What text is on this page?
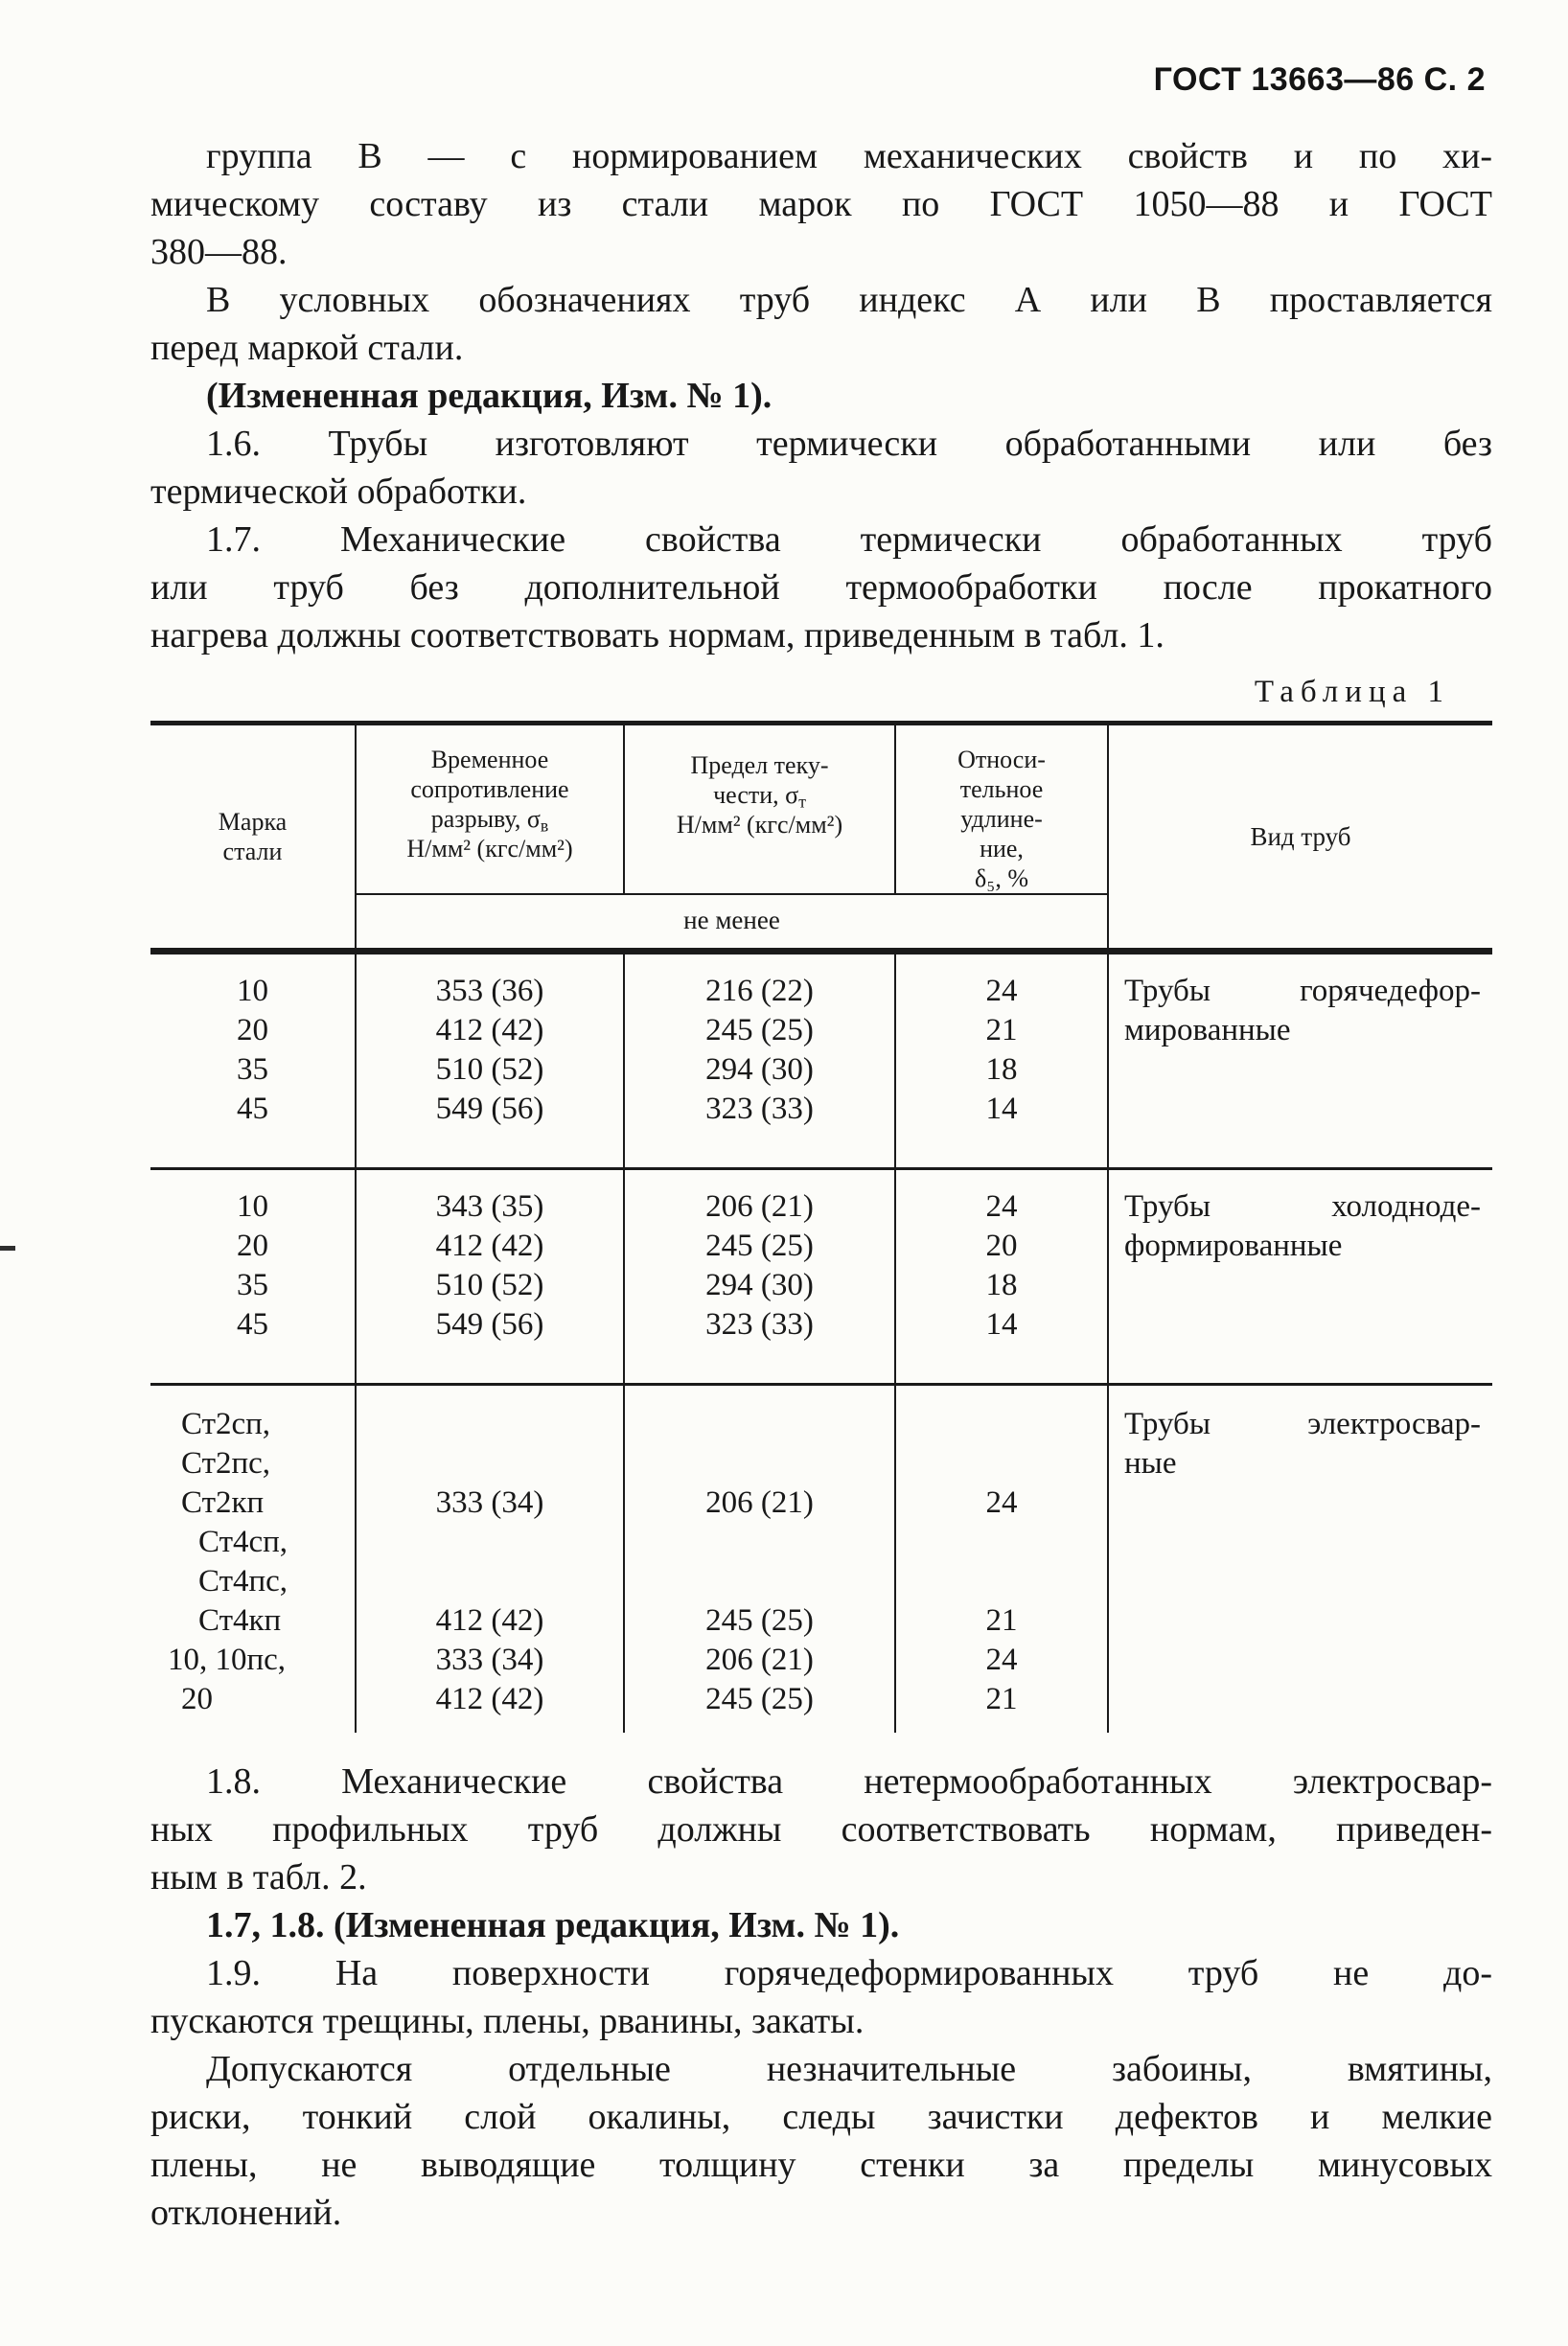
ГОСТ 13663—86 С. 2
группа В — с нормированием механических свойств и по хи-
мическому составу из стали марок по ГОСТ 1050—88 и ГОСТ
380—88.
В условных обозначениях труб индекс А или В проставляется
перед маркой стали.
(Измененная редакция, Изм. № 1).
1.6. Трубы изготовляют термически обработанными или без
термической обработки.
1.7. Механические свойства термически обработанных труб
или труб без дополнительной термообработки после прокатного
нагрева должны соответствовать нормам, приведенным в табл. 1.
Таблица 1
Марка
стали
Временное
сопротивление
разрыву, $\sigma_в$
Н/мм² (кгс/мм²)
Предел теку-
чести, $\sigma_т$
Н/мм² (кгс/мм²)
Относи-
тельное
удлине-
ние,
δ₅, %
не менее
Вид труб
10
20
35
45
353 (36)
412 (42)
510 (52)
549 (56)
216 (22)
245 (25)
294 (30)
323 (33)
24
21
18
14
Трубы горячедефор-
мированные
10
20
35
45
343 (35)
412 (42)
510 (52)
549 (56)
206 (21)
245 (25)
294 (30)
323 (33)
24
20
18
14
Трубы холодноде-
формированные
Ст2сп,
Ст2пс,
Ст2кп
Ст4сп,
Ст4пс,
Ст4кп
10, 10пс,
20
333 (34)
412 (42)
333 (34)
412 (42)
206 (21)
245 (25)
206 (21)
245 (25)
24
21
24
21
Трубы электросвар-
ные
1.8. Механические свойства нетермообработанных электросвар-
ных профильных труб должны соответствовать нормам, приведен-
ным в табл. 2.
1.7, 1.8. (Измененная редакция, Изм. № 1).
1.9. На поверхности горячедеформированных труб не до-
пускаются трещины, плены, рванины, закаты.
Допускаются отдельные незначительные забоины, вмятины,
риски, тонкий слой окалины, следы зачистки дефектов и мелкие
плены, не выводящие толщину стенки за пределы минусовых
отклонений.
